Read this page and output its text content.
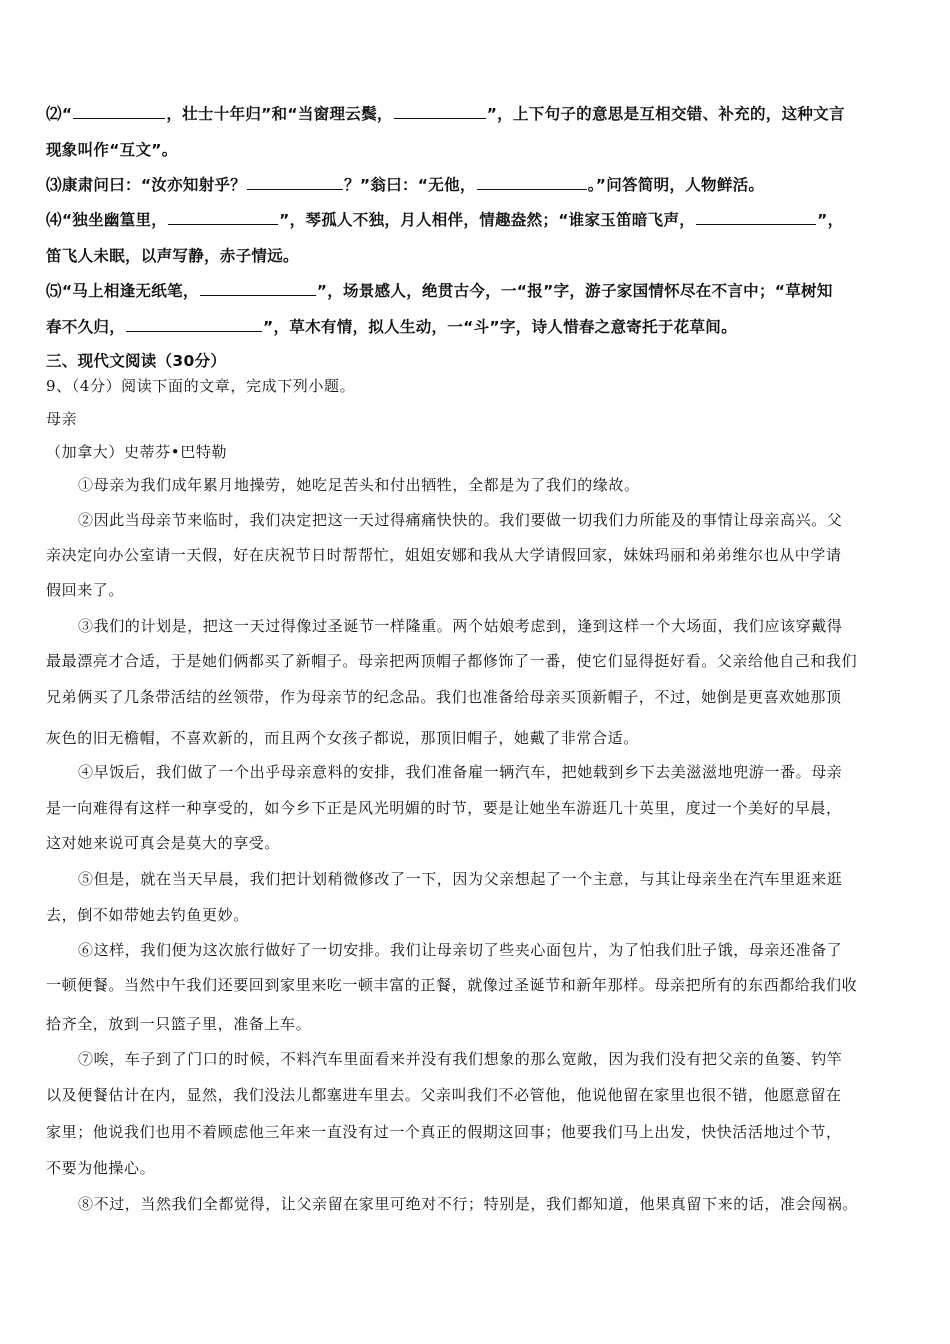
⑵“	，壮士十年归”和“当窗理云鬓，	”，上下句子的意思是互相交错、补充的，这种文言
现象叫作“互文”。
⑶康肃问曰：“汝亦知射乎？	？”翁曰：“无他，	。”问答简明，人物鲜活。
⑷“独坐幽篁里，	”，琴孤人不独，月人相伴，情趣盎然；“谁家玉笛暗飞声，	”，
笛飞人未眠，以声写静，赤子情远。
⑸“马上相逢无纸笔，	”，场景感人，绝贯古今，一“报”字，游子家国情怀尽在不言中；“草树知
春不久归，	”，草木有情，拟人生动，一“斗”字，诗人惜春之意寄托于花草间。
三、现代文阅读（30分）
9、（4分）阅读下面的文章，完成下列小题。
母亲
（加拿大）史蒂芬•巴特勒
①母亲为我们成年累月地操劳，她吃足苦头和付出牺牲，全都是为了我们的缘故。
②因此当母亲节来临时，我们决定把这一天过得痛痛快快的。我们要做一切我们力所能及的事情让母亲高兴。父
亲决定向办公室请一天假，好在庆祝节日时帮帮忙，姐姐安娜和我从大学请假回家，妹妹玛丽和弟弟维尔也从中学请
假回来了。
③我们的计划是，把这一天过得像过圣诞节一样隆重。两个姑娘考虑到，逢到这样一个大场面，我们应该穿戴得
最最漂亮才合适，于是她们俩都买了新帽子。母亲把两顶帽子都修饰了一番，使它们显得挺好看。父亲给他自己和我们
兄弟俩买了几条带活结的丝领带，作为母亲节的纪念品。我们也准备给母亲买顶新帽子，不过，她倒是更喜欢她那顶
灰色的旧无檐帽，不喜欢新的，而且两个女孩子都说，那顶旧帽子，她戴了非常合适。
④早饭后，我们做了一个出乎母亲意料的安排，我们准备雇一辆汽车，把她载到乡下去美滋滋地兜游一番。母亲
是一向难得有这样一种享受的，如今乡下正是风光明媚的时节，要是让她坐车游逛几十英里，度过一个美好的早晨，
这对她来说可真会是莫大的享受。
⑤但是，就在当天早晨，我们把计划稍微修改了一下，因为父亲想起了一个主意，与其让母亲坐在汽车里逛来逛
去，倒不如带她去钓鱼更妙。
⑥这样，我们便为这次旅行做好了一切安排。我们让母亲切了些夹心面包片，为了怕我们肚子饿，母亲还准备了
一顿便餐。当然中午我们还要回到家里来吃一顿丰富的正餐，就像过圣诞节和新年那样。母亲把所有的东西都给我们收
拾齐全，放到一只篮子里，准备上车。
⑦唉，车子到了门口的时候，不料汽车里面看来并没有我们想象的那么宽敞，因为我们没有把父亲的鱼篓、钓竿
以及便餐估计在内，显然，我们没法儿都塞进车里去。父亲叫我们不必管他，他说他留在家里也很不错，他愿意留在
家里；他说我们也用不着顾虑他三年来一直没有过一个真正的假期这回事；他要我们马上出发，快快活活地过个节，
不要为他操心。
⑧不过，当然我们全都觉得，让父亲留在家里可绝对不行；特别是，我们都知道，他果真留下来的话，准会闯祸。
